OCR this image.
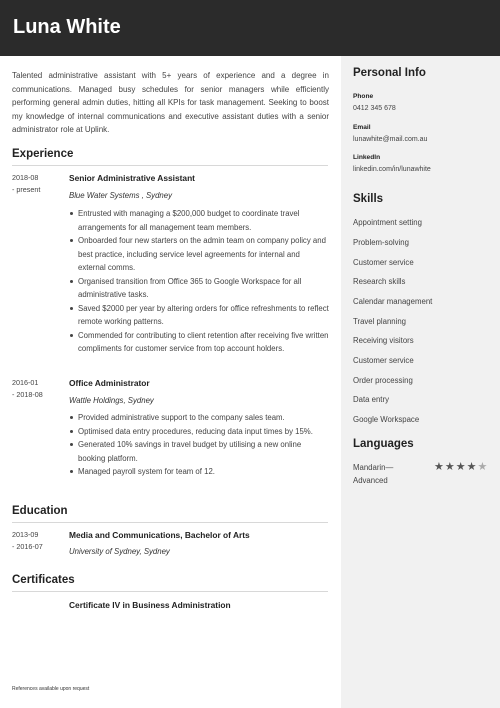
Luna White

Talented administrative assistant with 5+ years of experience and a degree in communications. Managed busy schedules for senior managers while efficiently performing general admin duties, hitting all KPIs for task management. Seeking to boost my knowledge of internal communications and executive assistant duties with a senior administrator role at Uplink.

Experience
2018-08
- present
Senior Administrative Assistant
Blue Water Systems , Sydney
Entrusted with managing a $200,000 budget to coordinate travel arrangements for all management team members.
Onboarded four new starters on the admin team on company policy and best practice, including service level agreements for internal and external comms.
Organised transition from Office 365 to Google Workspace for all administrative tasks.
Saved $2000 per year by altering orders for office refreshments to reflect remote working patterns.
Commended for contributing to client retention after receiving five written compliments for customer service from top account holders.
2016-01
- 2018-08
Office Administrator
Wattle Holdings, Sydney
Provided administrative support to the company sales team.
Optimised data entry procedures, reducing data input times by 15%.
Generated 10% savings in travel budget by utilising a new online booking platform.
Managed payroll system for team of 12.
Education
2013-09
- 2016-07
Media and Communications, Bachelor of Arts
University of Sydney, Sydney
Certificates
Certificate IV in Business Administration
References available upon request
Personal Info
Phone
0412 345 678
Email
lunawhite@mail.com.au
LinkedIn
linkedin.com/in/lunawhite
Skills
Appointment setting
Problem-solving
Customer service
Research skills
Calendar management
Travel planning
Receiving visitors
Customer service
Order processing
Data entry
Google Workspace
Languages
Mandarin—
Advanced
★ ★ ★ ★ ★
